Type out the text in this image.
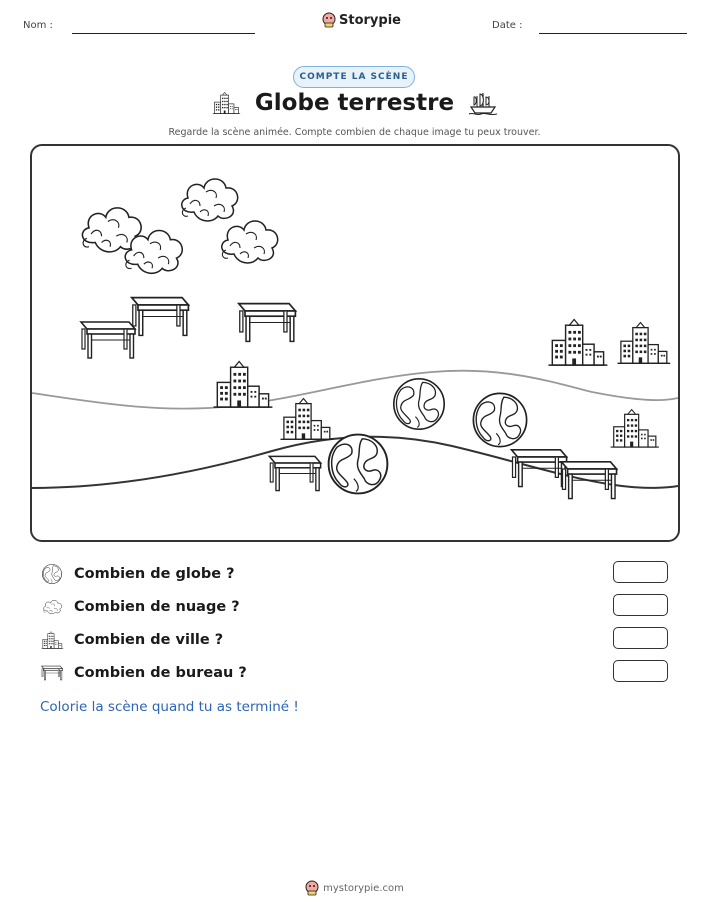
Nom :	Storypie	Date :
COMPTE LA SCÈNE
Globe terrestre
Regarde la scène animée. Compte combien de chaque image tu peux trouver.
Combien de globe ?
Combien de nuage ?
Combien de ville ?
Combien de bureau ?
Colorie la scène quand tu as terminé !
mystorypie.com
